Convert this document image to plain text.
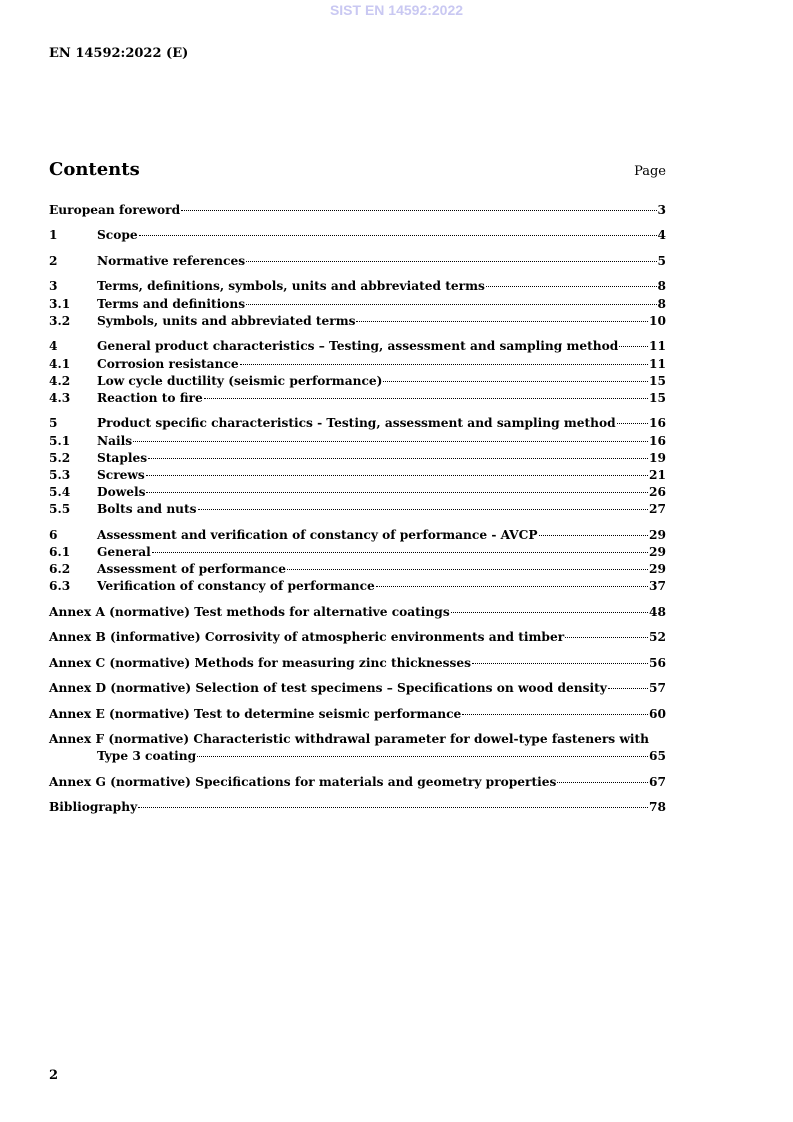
SIST EN 14592:2022
EN 14592:2022 (E)
Contents	Page
European foreword	3
1	Scope	4
2	Normative references	5
3	Terms, definitions, symbols, units and abbreviated terms	8
3.1	Terms and definitions	8
3.2	Symbols, units and abbreviated terms	10
4	General product characteristics – Testing, assessment and sampling method	11
4.1	Corrosion resistance	11
4.2	Low cycle ductility (seismic performance)	15
4.3	Reaction to fire	15
5	Product specific characteristics - Testing, assessment and sampling method	16
5.1	Nails	16
5.2	Staples	19
5.3	Screws	21
5.4	Dowels	26
5.5	Bolts and nuts	27
6	Assessment and verification of constancy of performance - AVCP	29
6.1	General	29
6.2	Assessment of performance	29
6.3	Verification of constancy of performance	37
Annex A (normative) Test methods for alternative coatings	48
Annex B (informative) Corrosivity of atmospheric environments and timber	52
Annex C (normative) Methods for measuring zinc thicknesses	56
Annex D (normative) Selection of test specimens – Specifications on wood density	57
Annex E (normative) Test to determine seismic performance	60
Annex F (normative) Characteristic withdrawal parameter for dowel-type fasteners with
Type 3 coating	65
Annex G (normative) Specifications for materials and geometry properties	67
Bibliography	78
2
